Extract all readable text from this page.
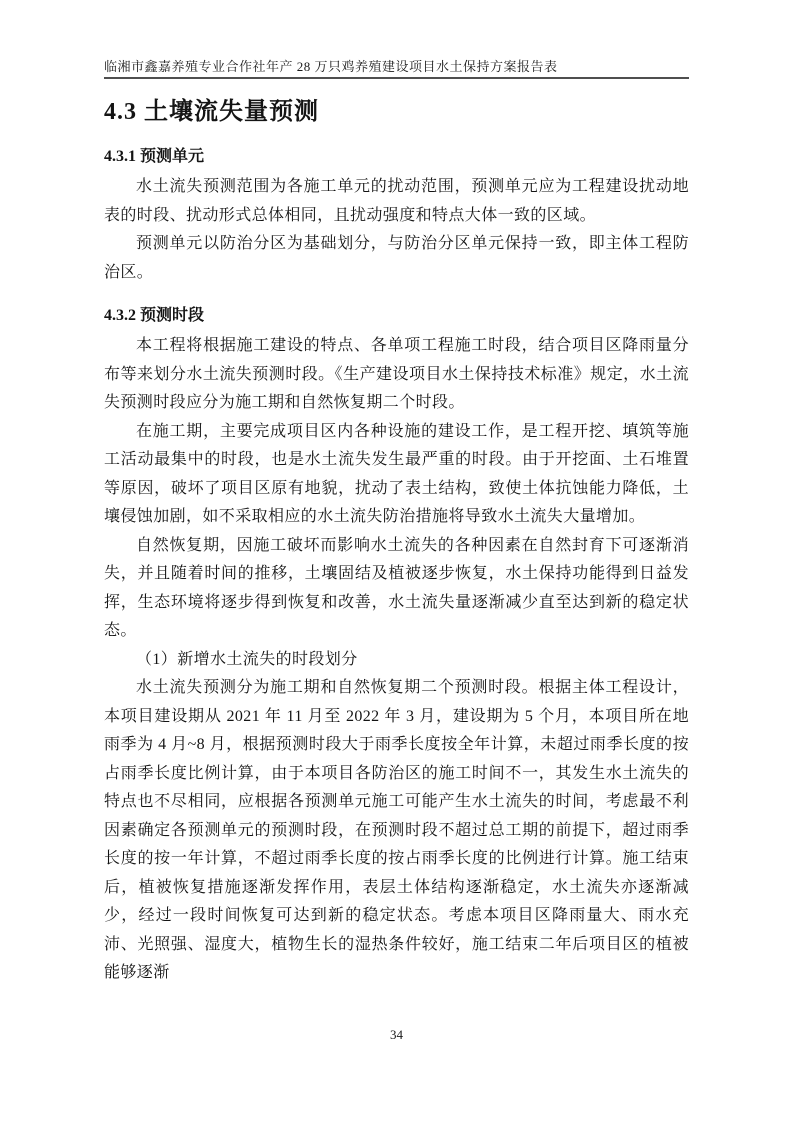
临湘市鑫嘉养殖专业合作社年产 28 万只鸡养殖建设项目水土保持方案报告表
4.3 土壤流失量预测
4.3.1 预测单元

水土流失预测范围为各施工单元的扰动范围，预测单元应为工程建设扰动地表的时段、扰动形式总体相同，且扰动强度和特点大体一致的区域。

预测单元以防治分区为基础划分，与防治分区单元保持一致，即主体工程防治区。

4.3.2 预测时段

本工程将根据施工建设的特点、各单项工程施工时段，结合项目区降雨量分布等来划分水土流失预测时段。《生产建设项目水土保持技术标准》规定，水土流失预测时段应分为施工期和自然恢复期二个时段。

在施工期，主要完成项目区内各种设施的建设工作，是工程开挖、填筑等施工活动最集中的时段，也是水土流失发生最严重的时段。由于开挖面、土石堆置等原因，破坏了项目区原有地貌，扰动了表土结构，致使土体抗蚀能力降低，土壤侵蚀加剧，如不采取相应的水土流失防治措施将导致水土流失大量增加。

自然恢复期，因施工破坏而影响水土流失的各种因素在自然封育下可逐渐消失，并且随着时间的推移，土壤固结及植被逐步恢复，水土保持功能得到日益发挥，生态环境将逐步得到恢复和改善，水土流失量逐渐减少直至达到新的稳定状态。

（1）新增水土流失的时段划分

水土流失预测分为施工期和自然恢复期二个预测时段。根据主体工程设计，本项目建设期从 2021 年 11 月至 2022 年 3 月，建设期为 5 个月，本项目所在地雨季为 4 月~8 月，根据预测时段大于雨季长度按全年计算，未超过雨季长度的按占雨季长度比例计算，由于本项目各防治区的施工时间不一，其发生水土流失的特点也不尽相同，应根据各预测单元施工可能产生水土流失的时间，考虑最不利因素确定各预测单元的预测时段，在预测时段不超过总工期的前提下，超过雨季长度的按一年计算，不超过雨季长度的按占雨季长度的比例进行计算。施工结束后，植被恢复措施逐渐发挥作用，表层土体结构逐渐稳定，水土流失亦逐渐减少，经过一段时间恢复可达到新的稳定状态。考虑本项目区降雨量大、雨水充沛、光照强、湿度大，植物生长的湿热条件较好，施工结束二年后项目区的植被能够逐渐

34
